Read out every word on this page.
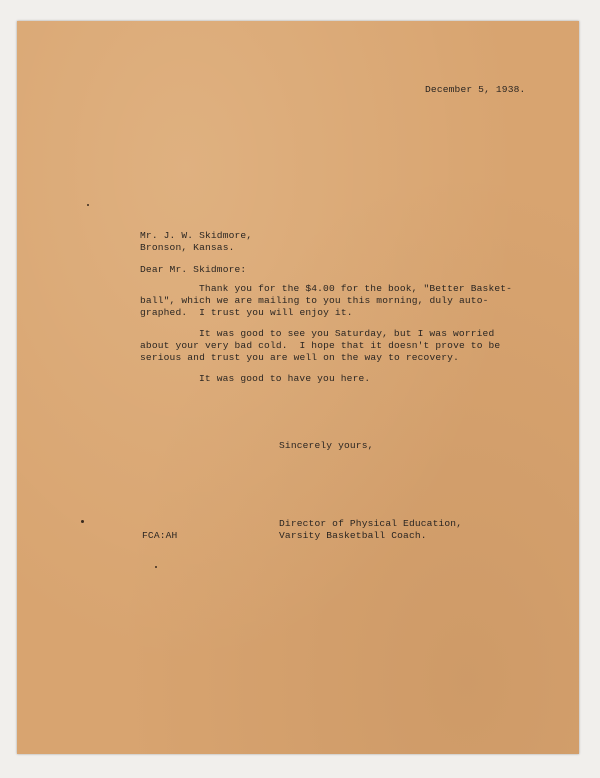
December 5, 1938.

Mr. J. W. Skidmore,

Bronson, Kansas.

Dear Mr. Skidmore:

Thank you for the $4.00 for the book, "Better Basket-

ball", which we are mailing to you this morning, duly auto-

graphed.  I trust you will enjoy it.

It was good to see you Saturday, but I was worried

about your very bad cold.  I hope that it doesn't prove to be

serious and trust you are well on the way to recovery.

It was good to have you here.

Sincerely yours,

Director of Physical Education,

Varsity Basketball Coach.

FCA:AH
